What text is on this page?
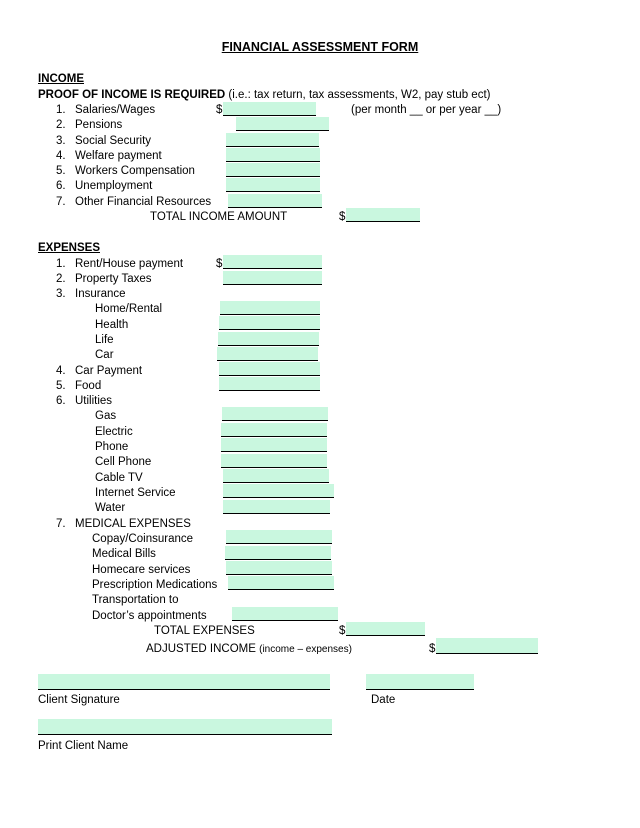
FINANCIAL ASSESSMENT FORM
INCOME
PROOF OF INCOME IS REQUIRED (i.e.: tax return, tax assessments, W2, pay stub ect)
1. Salaries/Wages	$	(per month __ or per year __)
2. Pensions
3. Social Security
4. Welfare payment
5. Workers Compensation
6. Unemployment
7. Other Financial Resources
TOTAL INCOME AMOUNT	$
EXPENSES
1. Rent/House payment	$
2. Property Taxes
3. Insurance
Home/Rental
Health
Life
Car
4. Car Payment
5. Food
6. Utilities
Gas
Electric
Phone
Cell Phone
Cable TV
Internet Service
Water
7. MEDICAL EXPENSES
Copay/Coinsurance
Medical Bills
Homecare services
Prescription Medications
Transportation to
Doctor’s appointments
TOTAL EXPENSES	$
ADJUSTED INCOME (income – expenses)	$
Client Signature	Date
Print Client Name
